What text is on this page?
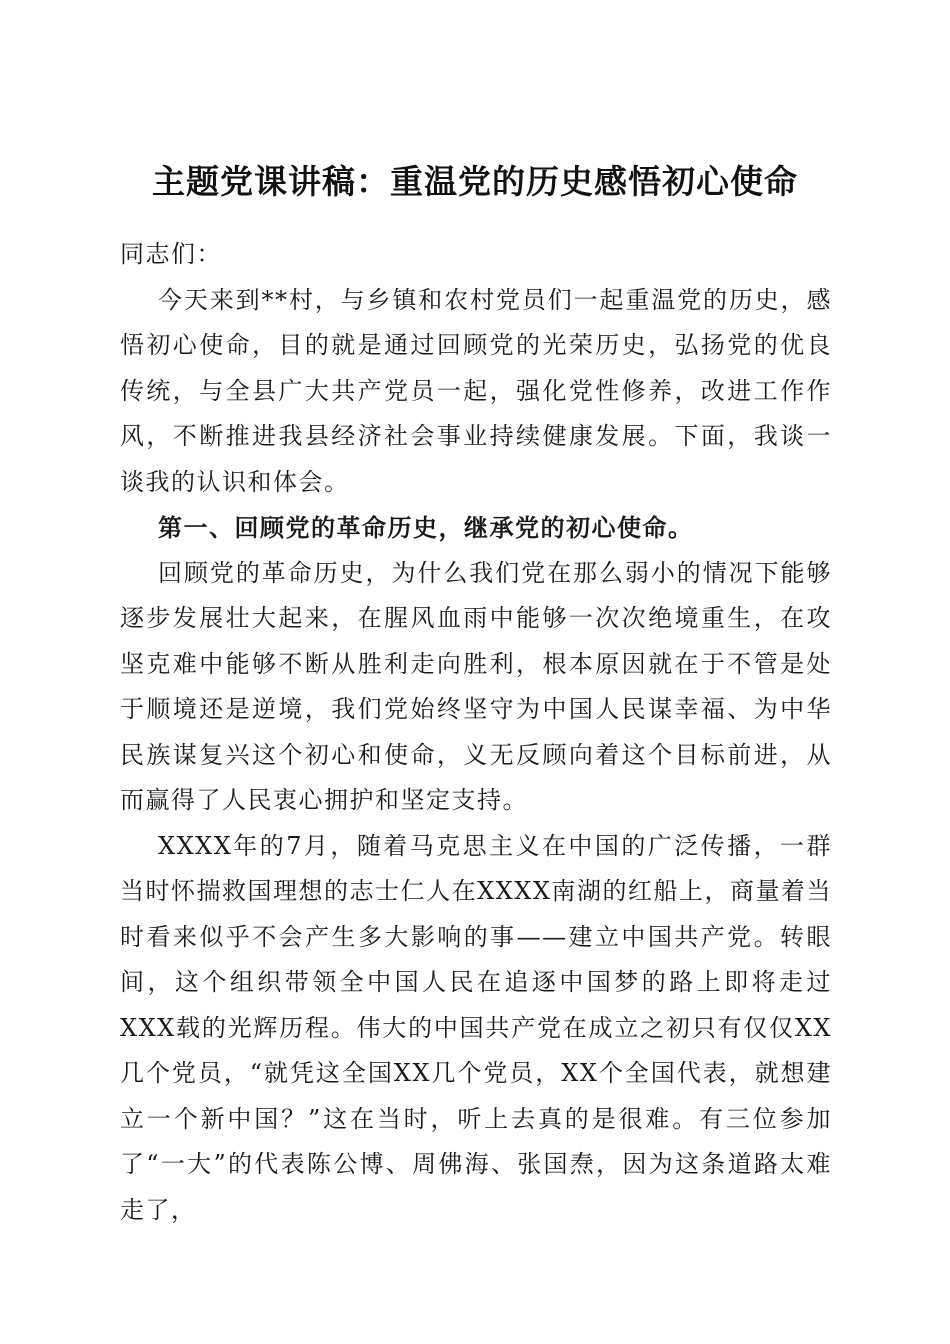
主题党课讲稿：重温党的历史感悟初心使命

同志们：

今天来到**村，与乡镇和农村党员们一起重温党的历史，感悟初心使命，目的就是通过回顾党的光荣历史，弘扬党的优良传统，与全县广大共产党员一起，强化党性修养，改进工作作风，不断推进我县经济社会事业持续健康发展。下面，我谈一谈我的认识和体会。

第一、回顾党的革命历史，继承党的初心使命。

回顾党的革命历史，为什么我们党在那么弱小的情况下能够逐步发展壮大起来，在腥风血雨中能够一次次绝境重生，在攻坚克难中能够不断从胜利走向胜利，根本原因就在于不管是处于顺境还是逆境，我们党始终坚守为中国人民谋幸福、为中华民族谋复兴这个初心和使命，义无反顾向着这个目标前进，从而赢得了人民衷心拥护和坚定支持。

XXXX年的7月，随着马克思主义在中国的广泛传播，一群当时怀揣救国理想的志士仁人在XXXX南湖的红船上，商量着当时看来似乎不会产生多大影响的事——建立中国共产党。转眼间，这个组织带领全中国人民在追逐中国梦的路上即将走过XXX载的光辉历程。伟大的中国共产党在成立之初只有仅仅XX几个党员，“就凭这全国XX几个党员，XX个全国代表，就想建立一个新中国？”这在当时，听上去真的是很难。有三位参加了“一大”的代表陈公博、周佛海、张国焘，因为这条道路太难走了，
